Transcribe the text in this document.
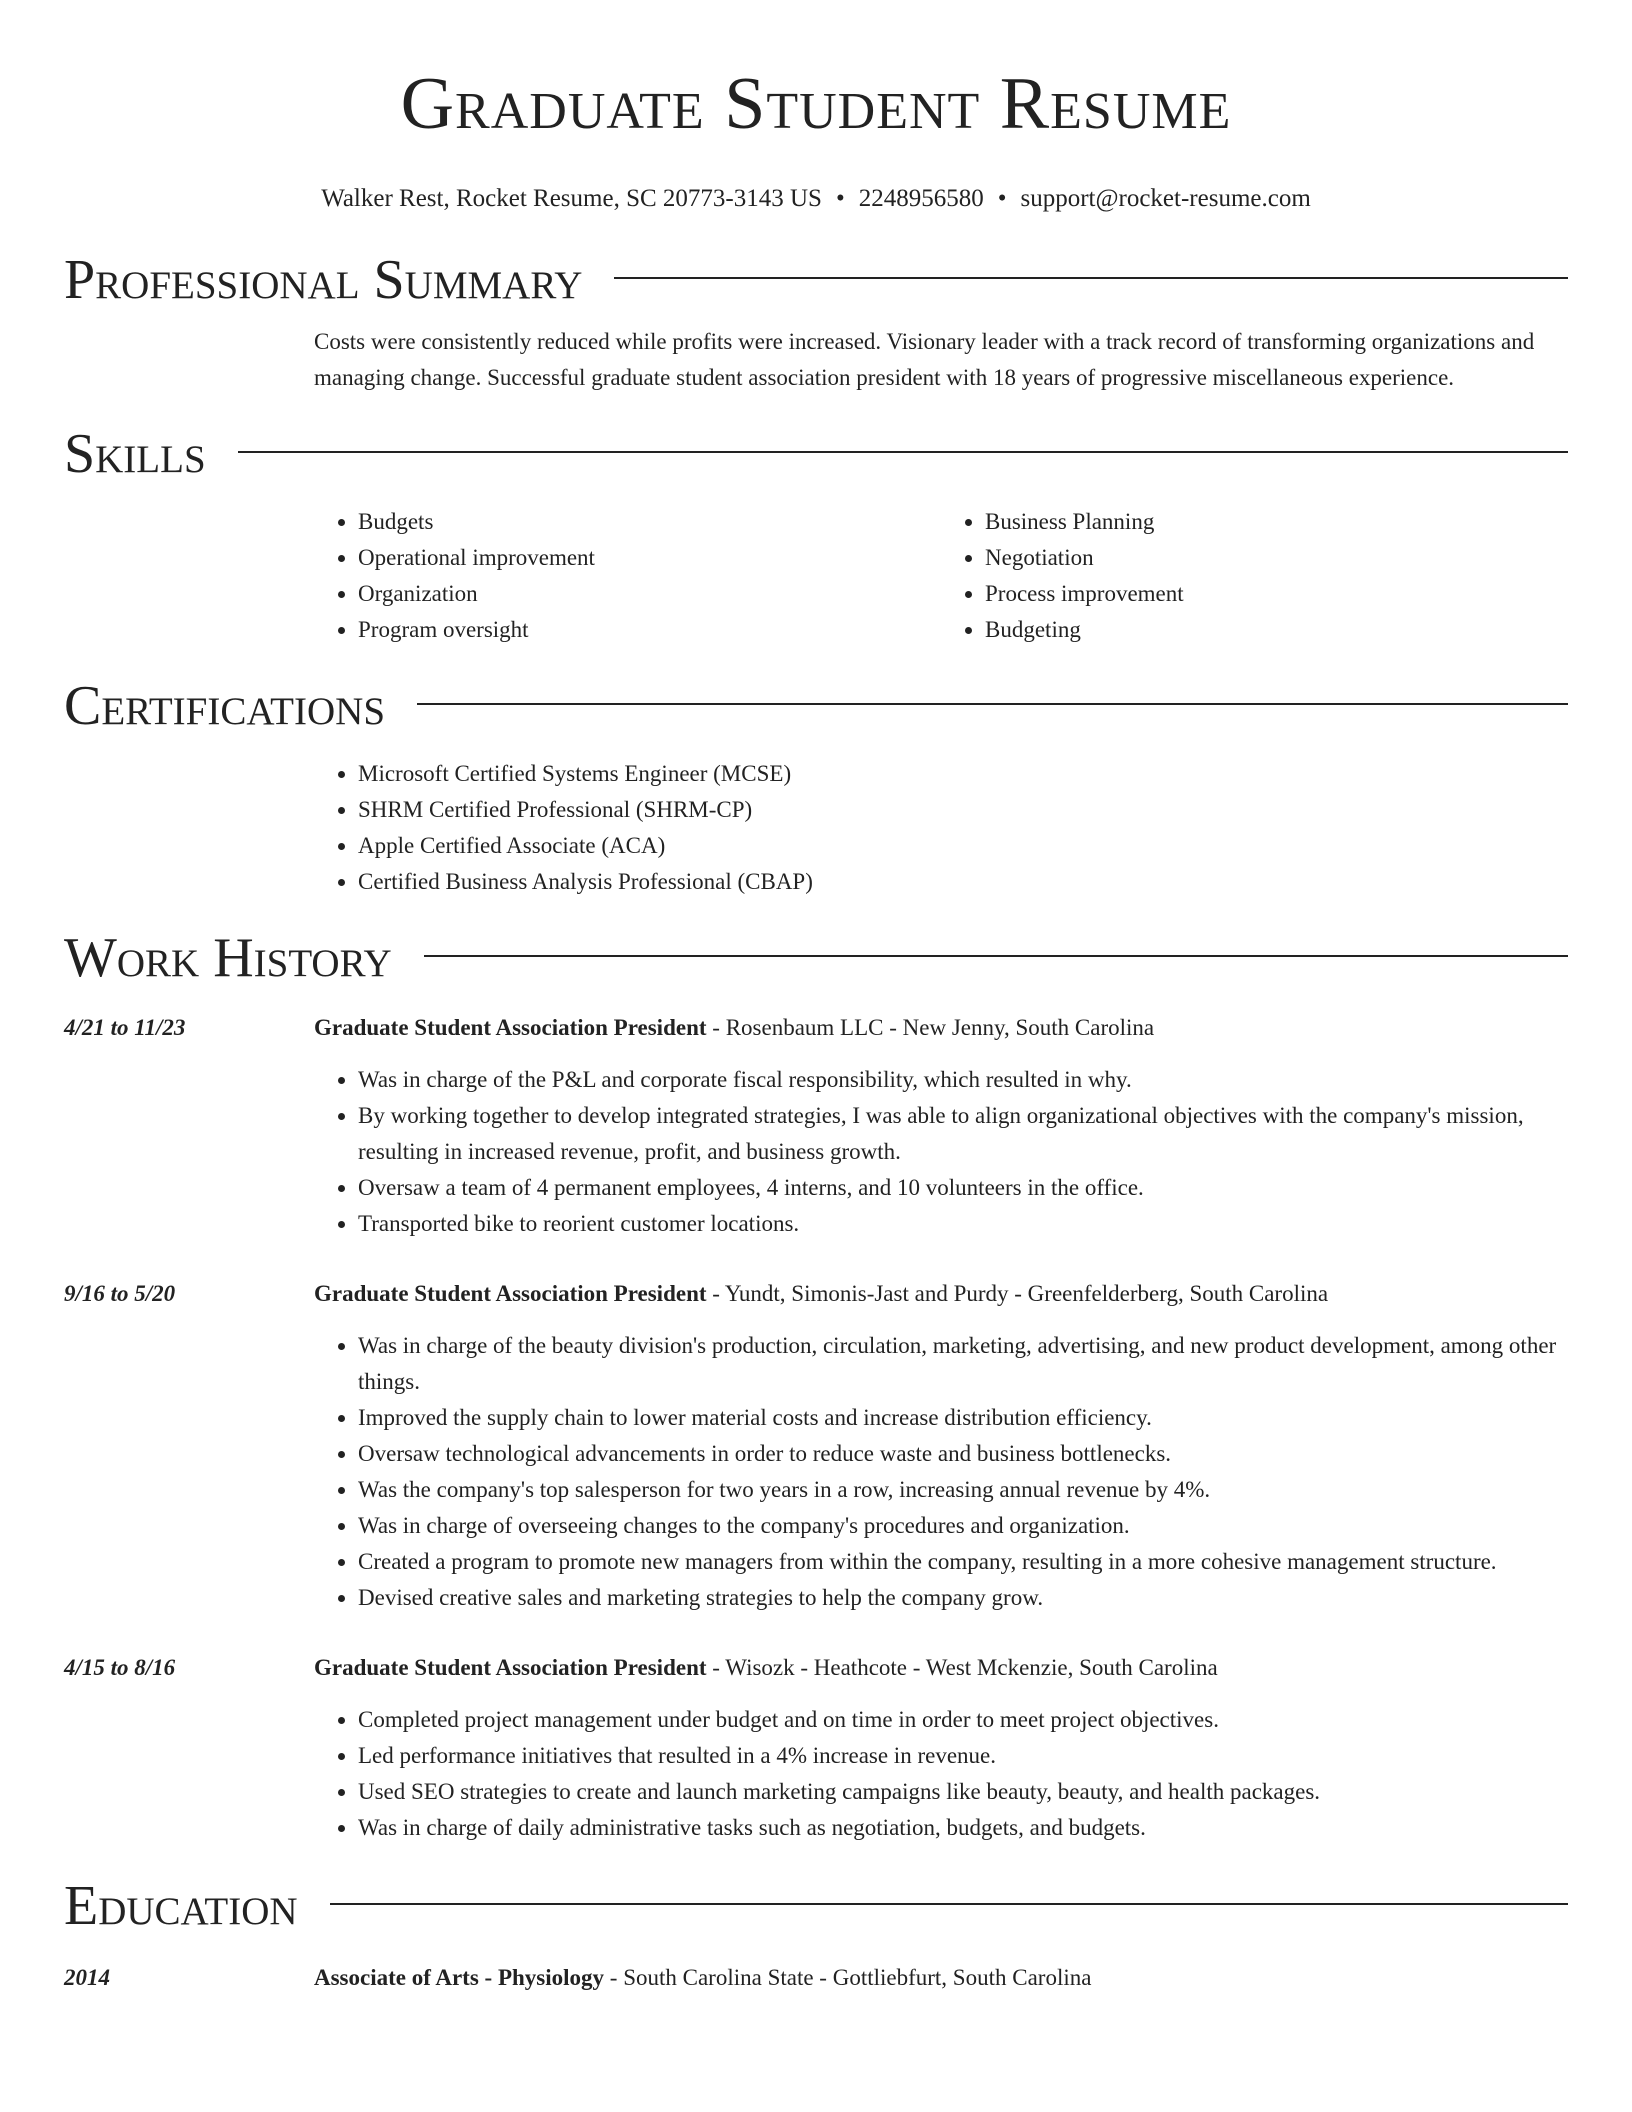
Graduate Student Resume
Walker Rest, Rocket Resume, SC 20773-3143 US • 2248956580 • support@rocket-resume.com
Professional Summary
Costs were consistently reduced while profits were increased. Visionary leader with a track record of transforming organizations and managing change. Successful graduate student association president with 18 years of progressive miscellaneous experience.
Skills
• Budgets
• Operational improvement
• Organization
• Program oversight
• Business Planning
• Negotiation
• Process improvement
• Budgeting
Certifications
• Microsoft Certified Systems Engineer (MCSE)
• SHRM Certified Professional (SHRM-CP)
• Apple Certified Associate (ACA)
• Certified Business Analysis Professional (CBAP)
Work History
4/21 to 11/23	Graduate Student Association President - Rosenbaum LLC - New Jenny, South Carolina
• Was in charge of the P&L and corporate fiscal responsibility, which resulted in why.
• By working together to develop integrated strategies, I was able to align organizational objectives with the company's mission, resulting in increased revenue, profit, and business growth.
• Oversaw a team of 4 permanent employees, 4 interns, and 10 volunteers in the office.
• Transported bike to reorient customer locations.
9/16 to 5/20	Graduate Student Association President - Yundt, Simonis-Jast and Purdy - Greenfelderberg, South Carolina
• Was in charge of the beauty division's production, circulation, marketing, advertising, and new product development, among other things.
• Improved the supply chain to lower material costs and increase distribution efficiency.
• Oversaw technological advancements in order to reduce waste and business bottlenecks.
• Was the company's top salesperson for two years in a row, increasing annual revenue by 4%.
• Was in charge of overseeing changes to the company's procedures and organization.
• Created a program to promote new managers from within the company, resulting in a more cohesive management structure.
• Devised creative sales and marketing strategies to help the company grow.
4/15 to 8/16	Graduate Student Association President - Wisozk - Heathcote - West Mckenzie, South Carolina
• Completed project management under budget and on time in order to meet project objectives.
• Led performance initiatives that resulted in a 4% increase in revenue.
• Used SEO strategies to create and launch marketing campaigns like beauty, beauty, and health packages.
• Was in charge of daily administrative tasks such as negotiation, budgets, and budgets.
Education
2014	Associate of Arts - Physiology - South Carolina State - Gottliebfurt, South Carolina
